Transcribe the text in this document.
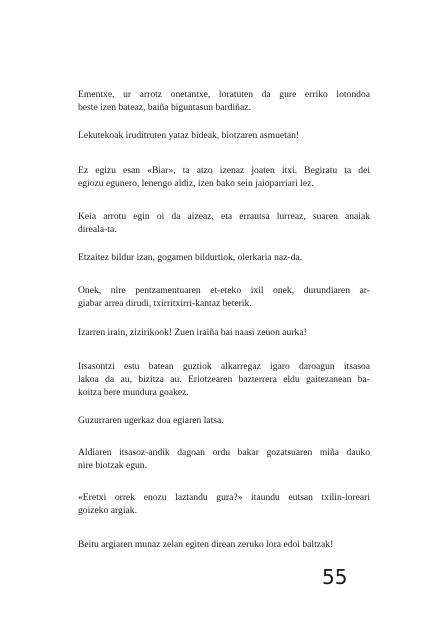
Ementxe, ur arrotz onetantxe, loratuten da gure erriko lotondoa
beste izen bateaz, baiña biguntasun bardiñaz.

Lekutekoak iruditruten yataz bideak, biotzaren asmuetan!

Ez egizu esan «Biar», ta atzo izenaz joaten itxi. Begiratu ta dei
egiozu egunero, lenengo aldiz, izen bako sein jaioparriari lez.

Keia arrotu egin oi da aizeaz, eta errautsa lurreaz, suaren anaiak
direala-ta.

Etzaitez bildur izan, gogamen bildurtiok, olerkaria naz-da.

Onek, nire pentzamentuaren et-eteko ixil onek, durundiaren ar-
giabar arrea dirudi, txirritxirri-kantaz beterik.

Izarren irain, zizirikook! Zuen iraiña bai naasi zeuon aurka!

Itsasontzi estu batean guztiok alkarregaz igaro daroagun itsasoa
lakoa da au, bizitza au. Eriotzearen bazterrera eldu gaitezanean ba-
koitza bere mundura goakez.

Guzurraren ugerkaz doa egiaren latsa.

Aldiaren itsasoz-andik dagoan ordu bakar gozatsuaren miña dauko
nire biotzak egun.

«Eretxi orrek enozu laztandu gura?» itaundu eutsan txilin-loreari
goizeko argiak.

Beitu argiaren munaz zelan egiten direan zeruko lora edoi baltzak!

55
